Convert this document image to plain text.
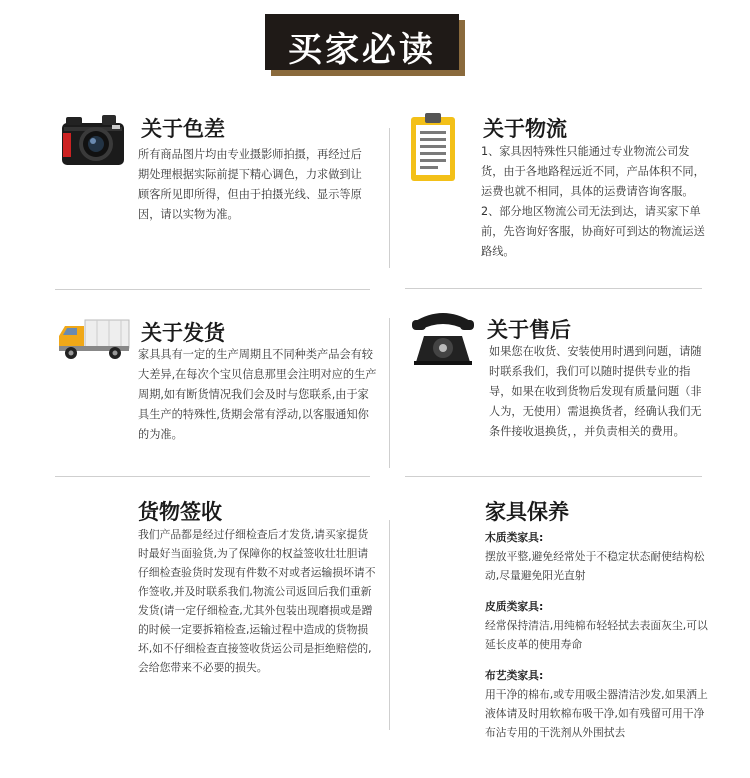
买家必读
关于色差
所有商品图片均由专业摄影师拍摄，再经过后期处理根据实际前提下精心调色，力求做到让顾客所见即所得，但由于拍摄光线、显示等原因，请以实物为准。
关于物流
1、家具因特殊性只能通过专业物流公司发货，由于各地路程远近不同，产品体积不同，运费也就不相同，具体的运费请咨询客服。
2、部分地区物流公司无法到达，请买家下单前，先咨询好客服，协商好可到达的物流运送路线。
关于发货
家具具有一定的生产周期且不同种类产品会有较大差异,在每次个宝贝信息那里会注明对应的生产周期,如有断货情况我们会及时与您联系,由于家具生产的特殊性,货期会常有浮动,以客服通知你的为准。
关于售后
如果您在收货、安装使用时遇到问题，请随时联系我们，我们可以随时提供专业的指导，如果在收到货物后发现有质量问题（非人为，无使用）需退换货者，经确认我们无条件接收退换货，，并负责相关的费用。
货物签收
我们产品都是经过仔细检查后才发货,请买家提货时最好当面验货,为了保障你的权益签收壮壮胆请仔细检查验货时发现有件数不对或者运输损坏请不作签收,并及时联系我们,物流公司返回后我们重新发货(请一定仔细检查,尤其外包装出现磨损或是蹭的时候一定要拆箱检查,运输过程中造成的货物损坏,如不仔细检查直接签收货运公司是拒绝赔偿的,会给您带来不必要的损失。
家具保养
木质类家具:
摆放平整,避免经常处于不稳定状态耐使结构松动,尽量避免阳光直射
皮质类家具:
经常保持清洁,用纯棉布轻轻拭去表面灰尘,可以延长皮革的使用寿命
布艺类家具:
用干净的棉布,或专用吸尘器清洁沙发,如果洒上液体请及时用软棉布吸干净,如有残留可用干净布沾专用的干洗剂从外围拭去
